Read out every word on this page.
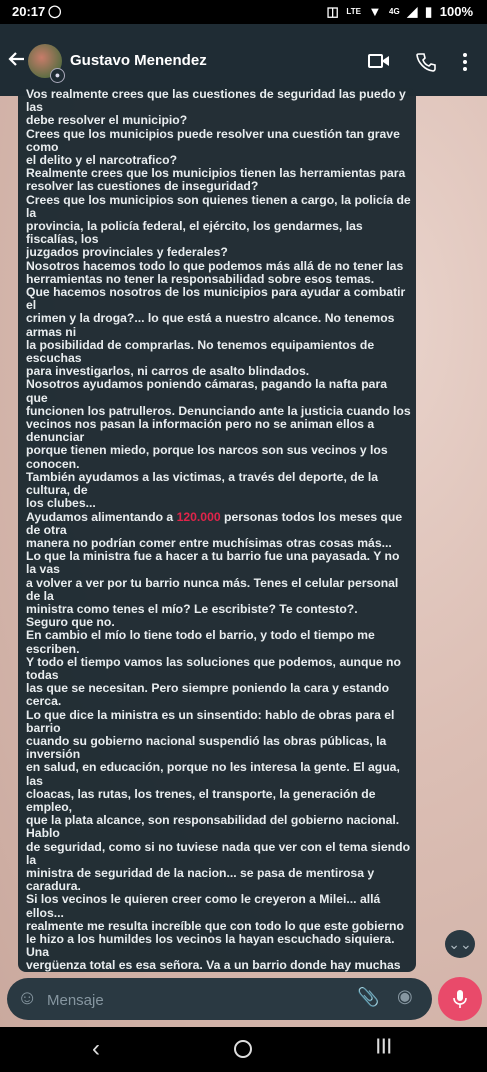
20:17 ◯	◫ LTE ▼ 4G ◢ ▮ 100%
●
Gustavo Menendez

Vos realmente crees que las cuestiones de seguridad las puedo y las

debe resolver el municipio?

Crees que los municipios puede resolver una cuestión tan grave como

el delito y el narcotrafico?

Realmente crees que los municipios tienen las herramientas para

resolver las cuestiones de inseguridad?

Crees que los municipios son quienes tienen a cargo, la policía de la

provincia, la policía federal, el ejército, los gendarmes, las fiscalías, los

juzgados provinciales y federales?

Nosotros hacemos todo lo que podemos más allá de no tener las

herramientas no tener la responsabilidad sobre esos temas.

Que hacemos nosotros de los municipios para ayudar a combatir el

crimen y la droga?... lo que está a nuestro alcance. No tenemos armas ni

la posibilidad de comprarlas. No tenemos equipamientos de escuchas

para investigarlos, ni carros de asalto blindados.

Nosotros ayudamos poniendo cámaras, pagando la nafta para que

funcionen los patrulleros. Denunciando ante la justicia cuando los

vecinos nos pasan la información pero no se animan ellos a denunciar

porque tienen miedo, porque los narcos son sus vecinos y los conocen.

También ayudamos a las victimas, a través del deporte, de la cultura, de

los clubes...

Ayudamos alimentando a 120.000 personas todos los meses que de otra

manera no podrían comer entre muchísimas otras cosas más...

Lo que la ministra fue a hacer a tu barrio fue una payasada. Y no la vas

a volver a ver por tu barrio nunca más. Tenes el celular personal de la

ministra como tenes el mío? Le escribiste? Te contesto?.

Seguro que no.

En cambio el mío lo tiene todo el barrio, y todo el tiempo me escriben.

Y todo el tiempo vamos las soluciones que podemos, aunque no todas

las que se necesitan. Pero siempre poniendo la cara y estando cerca.

Lo que dice la ministra es un sinsentido: hablo de obras para el barrio

cuando su gobierno nacional suspendió las obras públicas, la inversión

en salud, en educación, porque no les interesa la gente. El agua, las

cloacas, las rutas, los trenes, el transporte, la generación de empleo,

que la plata alcance, son responsabilidad del gobierno nacional. Hablo

de seguridad, como si no tuviese nada que ver con el tema siendo la

ministra de seguridad de la nacion... se pasa de mentirosa y caradura.

Si los vecinos le quieren creer como le creyeron a Milei... allá ellos...

realmente me resulta increíble que con todo lo que este gobierno

le hizo a los humildes los vecinos la hayan escuchado siquiera. Una

vergüenza total es esa señora. Va a un barrio donde hay muchas

⌄⌄
☺
Mensaje	📎 ◉
‹	|||
